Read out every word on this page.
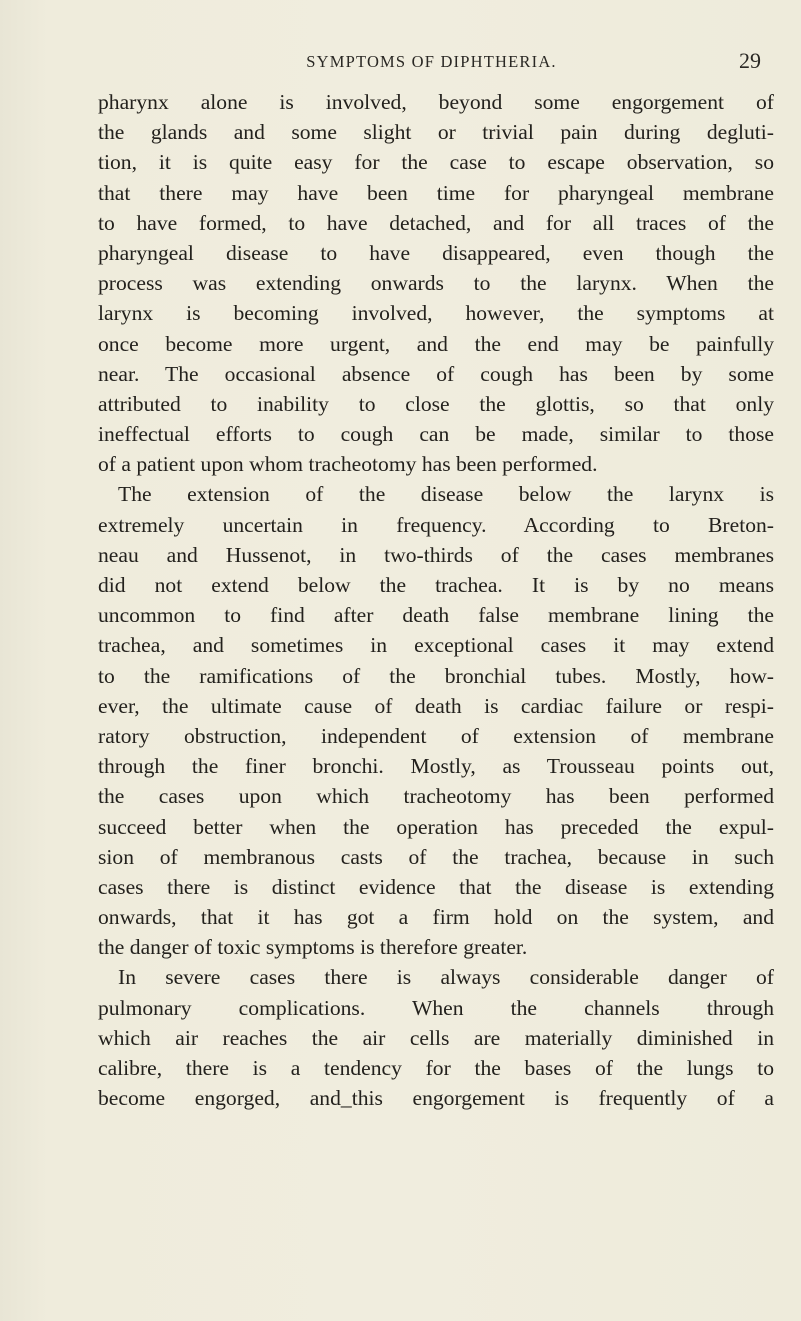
SYMPTOMS OF DIPHTHERIA.	29
pharynx alone is involved, beyond some engorgement of
the glands and some slight or trivial pain during degluti-
tion, it is quite easy for the case to escape observation, so
that there may have been time for pharyngeal membrane
to have formed, to have detached, and for all traces of the
pharyngeal disease to have disappeared, even though the
process was extending onwards to the larynx. When the
larynx is becoming involved, however, the symptoms at
once become more urgent, and the end may be painfully
near. The occasional absence of cough has been by some
attributed to inability to close the glottis, so that only
ineffectual efforts to cough can be made, similar to those
of a patient upon whom tracheotomy has been performed.
The extension of the disease below the larynx is
extremely uncertain in frequency. According to Breton-
neau and Hussenot, in two-thirds of the cases membranes
did not extend below the trachea. It is by no means
uncommon to find after death false membrane lining the
trachea, and sometimes in exceptional cases it may extend
to the ramifications of the bronchial tubes. Mostly, how-
ever, the ultimate cause of death is cardiac failure or respi-
ratory obstruction, independent of extension of membrane
through the finer bronchi. Mostly, as Trousseau points out,
the cases upon which tracheotomy has been performed
succeed better when the operation has preceded the expul-
sion of membranous casts of the trachea, because in such
cases there is distinct evidence that the disease is extending
onwards, that it has got a firm hold on the system, and
the danger of toxic symptoms is therefore greater.
In severe cases there is always considerable danger of
pulmonary complications. When the channels through
which air reaches the air cells are materially diminished in
calibre, there is a tendency for the bases of the lungs to
become engorged, and_this engorgement is frequently of a
